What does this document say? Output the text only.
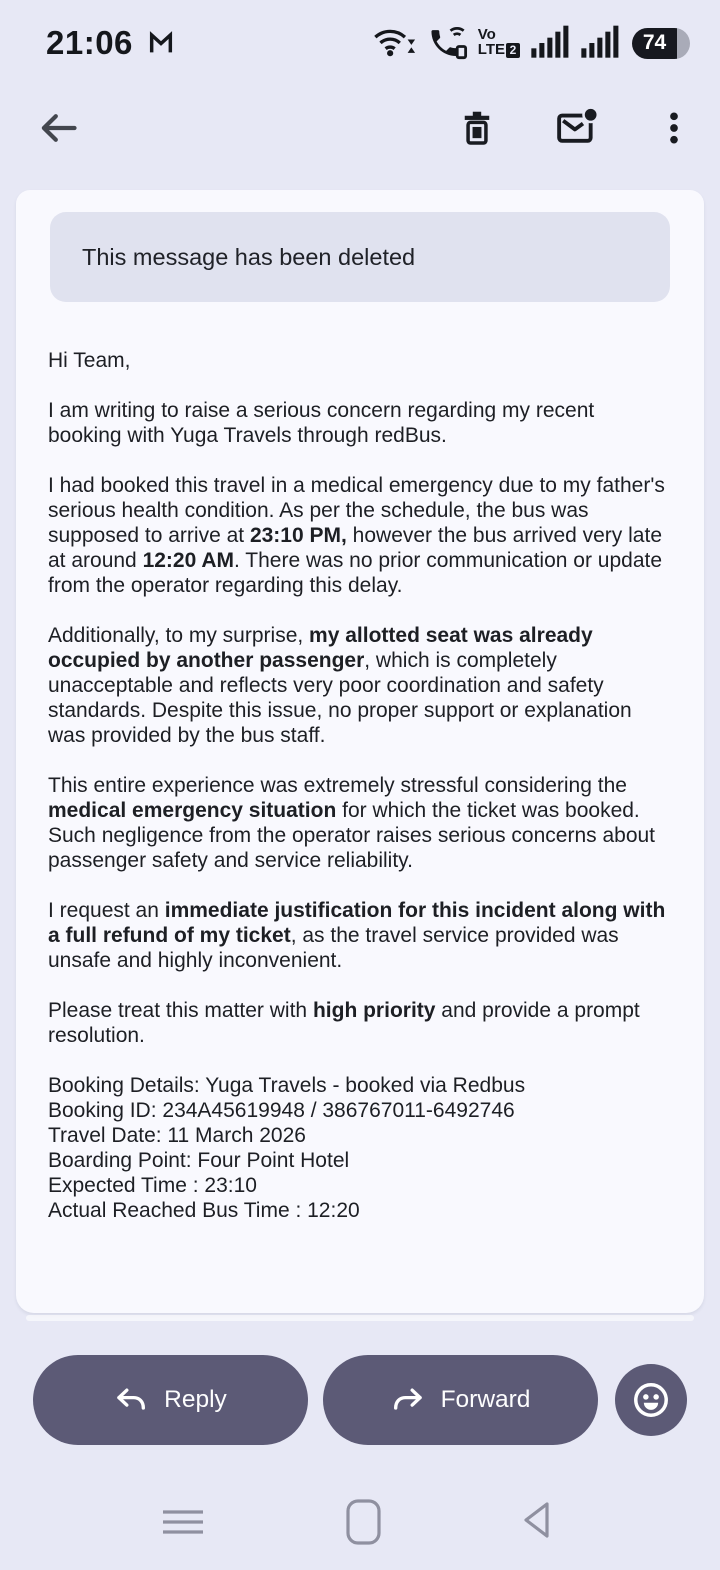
21:06	Vo
LTE 2	74
This message has been deleted

Hi Team,

I am writing to raise a serious concern regarding my recent booking with Yuga Travels through redBus.

I had booked this travel in a medical emergency due to my father's serious health condition. As per the schedule, the bus was supposed to arrive at 23:10 PM, however the bus arrived very late at around 12:20 AM. There was no prior communication or update from the operator regarding this delay.

Additionally, to my surprise, my allotted seat was already occupied by another passenger, which is completely unacceptable and reflects very poor coordination and safety standards. Despite this issue, no proper support or explanation was provided by the bus staff.

This entire experience was extremely stressful considering the medical emergency situation for which the ticket was booked. Such negligence from the operator raises serious concerns about passenger safety and service reliability.

I request an immediate justification for this incident along with a full refund of my ticket, as the travel service provided was unsafe and highly inconvenient.

Please treat this matter with high priority and provide a prompt resolution.

Booking Details: Yuga Travels - booked via Redbus
Booking ID: 234A45619948 / 386767011-6492746
Travel Date: 11 March 2026
Boarding Point: Four Point Hotel
Expected Time : 23:10
Actual Reached Bus Time : 12:20
Reply	Forward
